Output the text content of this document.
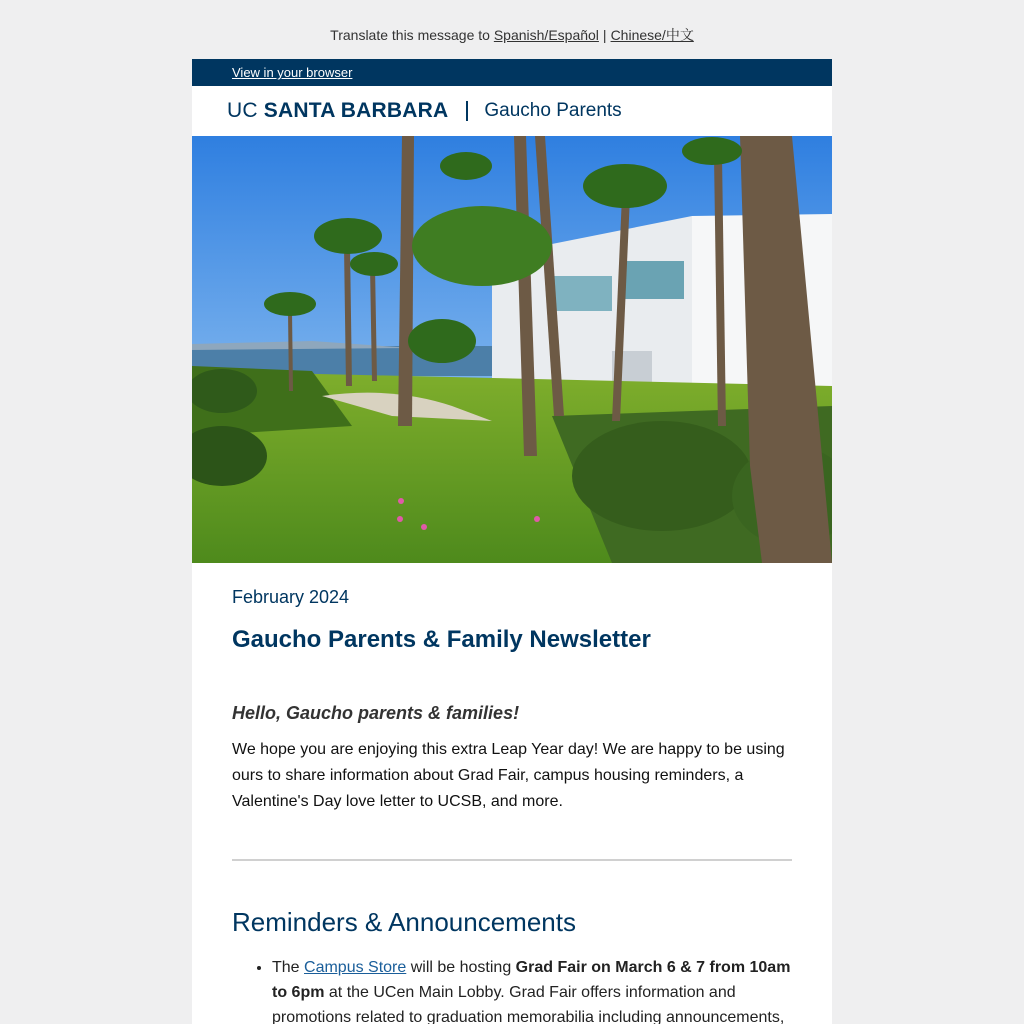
Translate this message to
Spanish/Español | Chinese/中文
View in your browser
UC SANTA BARBARA Gaucho Parents

February 2024

Gaucho Parents & Family Newsletter

Hello, Gaucho parents & families!

We hope you are enjoying this extra Leap Year day! We are happy to be using ours to share information about Grad Fair, campus housing reminders, a Valentine's Day love letter to UCSB, and more.

Reminders & Announcements
• The Campus Store will be hosting Grad Fair on March 6 & 7 from 10am to 6pm at the UCen Main Lobby. Grad Fair offers information and promotions related to graduation memorabilia including announcements,
